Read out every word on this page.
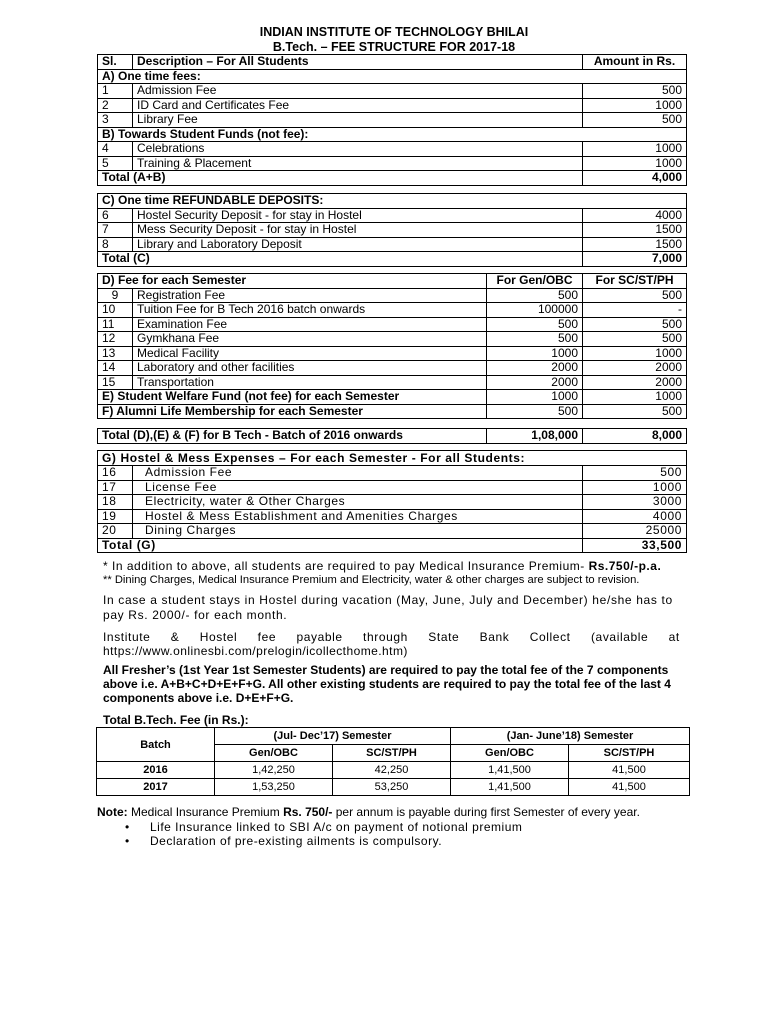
INDIAN INSTITUTE OF TECHNOLOGY BHILAI
B.Tech. – FEE STRUCTURE FOR 2017-18
Sl.	Description – For All Students	Amount in Rs.
A) One time fees:		
1	Admission Fee	500
2	ID Card and Certificates Fee	1000
3	Library Fee	500
B) Towards Student Funds (not fee):		
4	Celebrations	1000
5	Training & Placement	1000
Total (A+B)		4,000
C) One time REFUNDABLE DEPOSITS:		
6	Hostel Security Deposit - for stay in Hostel	4000
7	Mess Security Deposit - for stay in Hostel	1500
8	Library and Laboratory Deposit	1500
Total (C)		7,000
D) Fee for each Semester		For Gen/OBC	For SC/ST/PH
9	Registration Fee	500	500
10	Tuition Fee for B Tech 2016 batch onwards	100000	-
11	Examination Fee	500	500
12	Gymkhana Fee	500	500
13	Medical Facility	1000	1000
14	Laboratory and other facilities	2000	2000
15	Transportation	2000	2000
E) Student Welfare Fund (not fee) for each Semester		1000	1000
F) Alumni Life Membership for each Semester		500	500
Total (D),(E) & (F) for B Tech - Batch of 2016 onwards	1,08,000	8,000
G) Hostel & Mess Expenses – For each Semester - For all Students:		
16	Admission Fee	500
17	License Fee	1000
18	Electricity, water & Other Charges	3000
19	Hostel & Mess Establishment and Amenities Charges	4000
20	Dining Charges	25000
Total (G)		33,500
* In addition to above, all students are required to pay Medical Insurance Premium- Rs.750/-p.a.
** Dining Charges, Medical Insurance Premium and Electricity, water & other charges are subject to revision.
In case a student stays in Hostel during vacation (May, June, July and December) he/she has to
pay Rs. 2000/- for each month.
Institute & Hostel fee payable through State Bank Collect (available at
https://www.onlinesbi.com/prelogin/icollecthome.htm)
All Fresher’s (1st Year 1st Semester Students) are required to pay the total fee of the 7 components
above i.e. A+B+C+D+E+F+G. All other existing students are required to pay the total fee of the last 4
components above i.e. D+E+F+G.
Total B.Tech. Fee (in Rs.):
Batch	(Jul- Dec’17) Semester		(Jan- June’18) Semester	
	Gen/OBC	SC/ST/PH	Gen/OBC	SC/ST/PH
2016	1,42,250	42,250	1,41,500	41,500
2017	1,53,250	53,250	1,41,500	41,500
Note: Medical Insurance Premium Rs. 750/- per annum is payable during first Semester of every year.
• Life Insurance linked to SBI A/c on payment of notional premium
• Declaration of pre-existing ailments is compulsory.
